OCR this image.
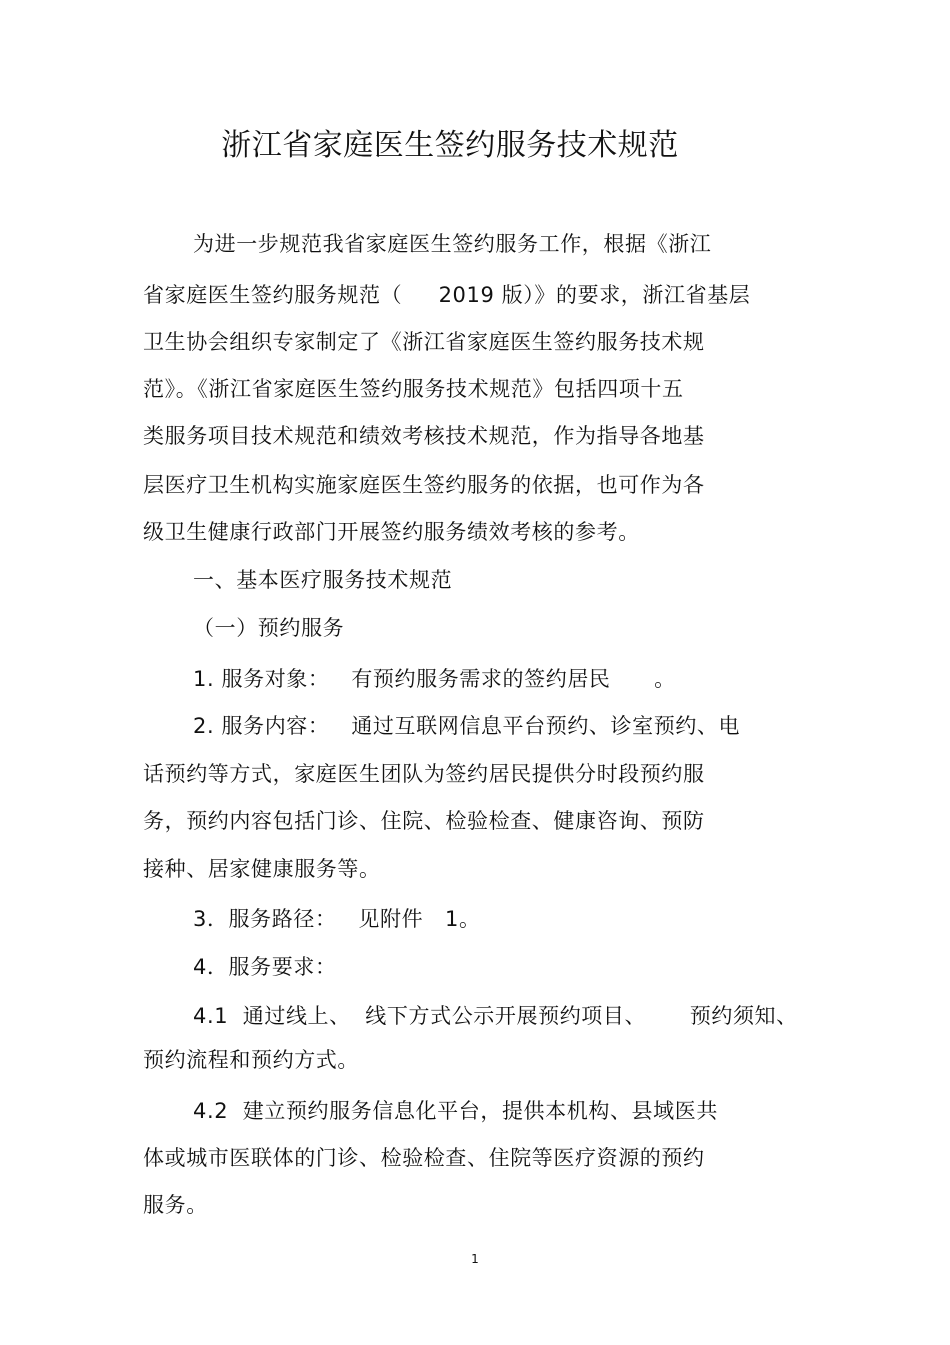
浙江省家庭医生签约服务技术规范
为进一步规范我省家庭医生签约服务工作，根据《浙江
省家庭医生签约服务规范（     2019 版）》的要求，浙江省基层
卫生协会组织专家制定了《浙江省家庭医生签约服务技术规
范》。《浙江省家庭医生签约服务技术规范》包括四项十五
类服务项目技术规范和绩效考核技术规范，作为指导各地基
层医疗卫生机构实施家庭医生签约服务的依据，也可作为各
级卫生健康行政部门开展签约服务绩效考核的参考。
一、基本医疗服务技术规范
（一）预约服务
1. 服务对象：   有预约服务需求的签约居民      。
2. 服务内容：   通过互联网信息平台预约、诊室预约、电
话预约等方式，家庭医生团队为签约居民提供分时段预约服
务，预约内容包括门诊、住院、检验检查、健康咨询、预防
接种、居家健康服务等。
3．服务路径：   见附件   1。
4．服务要求：
4.1  通过线上、  线下方式公示开展预约项目、      预约须知、
预约流程和预约方式。
4.2  建立预约服务信息化平台，提供本机构、县域医共
体或城市医联体的门诊、检验检查、住院等医疗资源的预约
服务。
1
